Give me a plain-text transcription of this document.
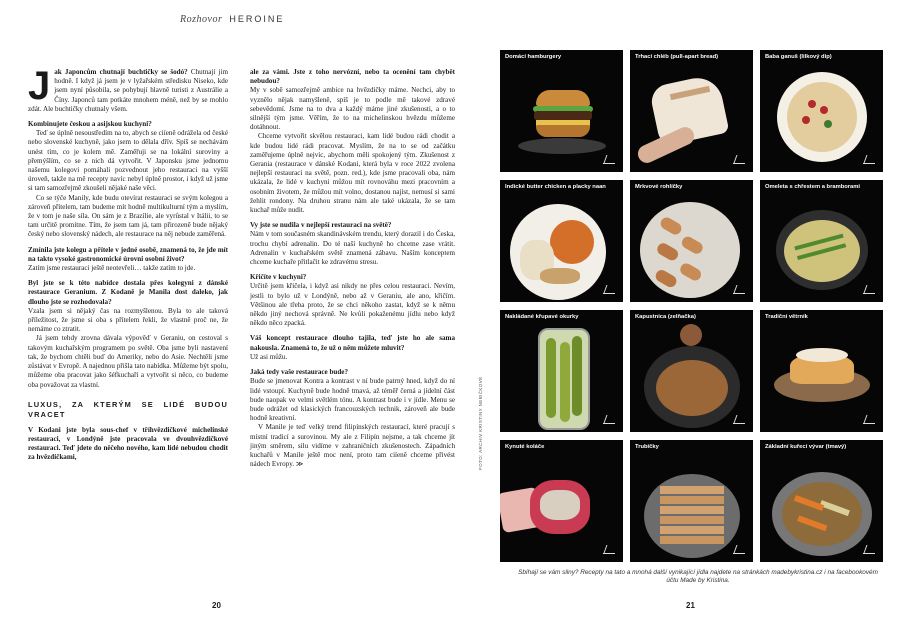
Rozhovor HEROINE

Jak Japoncům chutnají buchtičky se šodó? Chutnají jim hodně. I když já jsem je v lyžařském středisku Niseko, kde jsem nyní působila, se pohybují hlavně turisti z Austrálie a Číny. Japonců tam potkáte mnohem méně, než by se mohlo zdát. Ale buchtičky chutnaly všem.

Kombinujete českou a asijskou kuchyni?

Teď se úplně nesoustředím na to, abych se ciíeně odrážela od české nebo slovenské kuchyně, jako jsem to dělala dřív. Spíš se nechávám unést tím, co je kolem mě. Zaměřuji se na lokální suroviny a přemýšlím, co se z nich dá vytvořit. V Japonsku jsme jednomu našemu kolegovi pomáhali pozvednout jeho restauraci na vyšší úroveň, takže na mě recepty navíc nebyl úplně prostor, i když už jsme si tam samozřejmě zkoušeli nějaké naše věci.

Co se týče Manily, kde budu otevírat restauraci se svým kolegou a zároveň přítelem, tam budeme mít hodně multikulturní tým a myslím, že v tom je naše síla. On sám je z Brazílie, ale vyrůstal v Itálii, to se tam určitě promítne. Tím, že jsem tam já, tam přirozeně bude nějaký český nebo slovenský nádech, ale restaurace na něj nebude zaměřená.

Zmínila jste kolegu a přítele v jedné osobě, znamená to, že jde mít na takto vysoké gastronomické úrovni osobní život?

Zatím jsme restauraci ještě neotevřeli… takže zatím to jde.

Byl jste se k této nabídce dostala přes kolegyni z dánské restaurace Geranium. Z Kodaně je Manila dost daleko, jak dlouho jste se rozhodovala?

Vzala jsem si nějaký čas na rozmyšlenou. Byla to ale taková příležitost, že jsme si oba s přítelem řekli, že vlastně proč ne, že nemáme co ztratit.

Já jsem tehdy zrovna dávala výpověď v Geraniu, on cestoval s takovým kuchařským programem po světě. Oba jsme byli nastavení tak, že bychom chtěli buď do Ameriky, nebo do Asie. Nechtěli jsme zůstávat v Evropě. A najednou přišla tato nabídka. Můžeme být spolu, můžeme oba pracovat jako šéfkuchaři a vytvořit si něco, co budeme oba považovat za vlastní.

LUXUS, ZA KTERÝM SE LIDÉ BUDOU VRACET

V Kodani jste byla sous-chef v tříhvězdičkové michelinské restauraci, v Londýně jste pracovala ve dvouhvězdičkové restauraci. Teď jdete do něčeho nového, kam lidé nebudou chodit za hvězdičkami,

ale za vámi. Jste z toho nervózní, nebo ta ocenění tam chybět nebudou?

My v sobě samozřejmě ambice na hvězdičky máme. Nechci, aby to vyznělo nějak namyšleně, spíš je to podle mě takové zdravé sebevědomí. Jsme na to dva a každý máme jiné zkušenosti, a o to silnější tým jsme. Věřím, že to na michelinskou hvězdu můžeme dotáhnout.

Chceme vytvořit skvělou restauraci, kam lidé budou rádi chodit a kde budou lidé rádi pracovat. Myslím, že na to se od začátku zaměřujeme úplně nejvíc, abychom měli spokojený tým. Zkušenost z Gerania (restaurace v dánské Kodani, která byla v roce 2022 zvolena nejlepší restaurací na světě, pozn. red.), kde jsme pracovali oba, nám ukázala, že lidé v kuchyni můžou mít rovnováhu mezi pracovním a osobním životem, že můžou mít volno, dostanou najíst, nemusí si sami žehlit rondony. Na druhou stranu nám ale také ukázala, že se tam kuchař může nudit.

Vy jste se nudila v nejlepší restauraci na světě?

Nám v tom současném skandinávském trendu, který dorazil i do Česka, trochu chybí adrenalin. Do té naší kuchyně ho chceme zase vrátit. Adrenalin v kuchařském světě znamená zábavu. Naším konceptem chceme kuchaře přitlačit ke zdravému stresu.

Křičíte v kuchyni?

Určitě jsem křičela, i když asi nikdy ne přes celou restauraci. Nevím, jestli to bylo už v Londýně, nebo až v Geraniu, ale ano, křičím. Většinou ale třeba proto, že se chci někoho zastat, když se k němu někdo jiný nechová správně. Ne kvůli pokaženému jídlu nebo když někdo něco zpacká.

Váš koncept restaurace dlouho tajila, teď jste ho ale sama nakousla. Znamená to, že už o něm můžete mluvit?

Už asi můžu.

Jaká tedy vaše restaurace bude?

Bude se jmenovat Kontra a kontrast v ní bude patrný hned, když do ní lidé vstoupí. Kuchyně bude hodně tmavá, až téměř černá a jídelní část bude naopak ve velmi světlém tónu. A kontrast bude i v jídle. Menu se bude odrážet od klasických francouzských technik, zároveň ale bude hodně kreativní.

V Manile je teď velký trend filipínských restaurací, které pracují s místní tradicí a surovinou. My ale z Filipín nejsme, a tak chceme jít jiným směrem, silu vidíme v zahraničních zkušenostech. Západních kuchařů v Manile ještě moc není, proto tam ciíeně chceme přivést nádech Evropy. ≫

20	21
FOTO: ARCHIV KRISTINY NEBIČKOVÉ
Domácí hamburgery	Trhací chléb (pull-apart bread)	Baba ganuš (lilkový dip)
Indické butter chicken a placky naan	Mrkvové rohlíčky	Omeleta s chřestem a bramborami
Nakládané křupavé okurky	Kapustnica (zelňačka)	Tradiční větrník
Kynuté koláče	Trubičky	Základní kuřecí vývar (tmavý)
Sbíhají se vám sliny? Recepty na tato a mnohá další vynikající jídla najdete na stránkách madebykristina.cz i na facebookovém účtu Made by Kristina.
